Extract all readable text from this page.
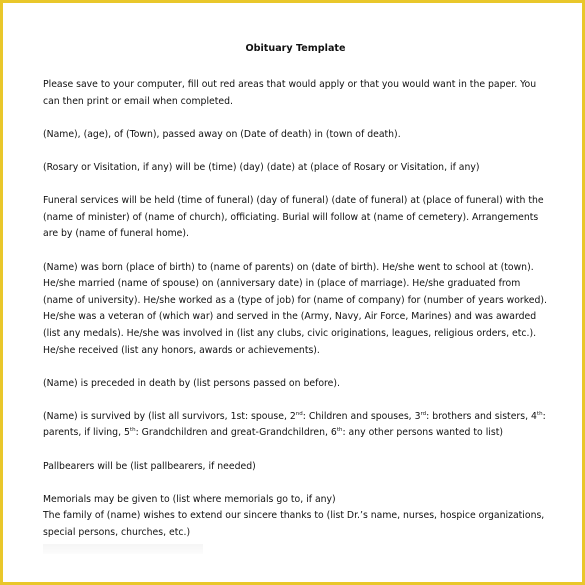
Obituary Template

Please save to your computer, fill out red areas that would apply or that you would want in the paper. You can then print or email when completed.

(Name), (age), of (Town), passed away on (Date of death) in (town of death).

(Rosary or Visitation, if any) will be (time) (day) (date) at (place of Rosary or Visitation, if any)

Funeral services will be held (time of funeral) (day of funeral) (date of funeral) at (place of funeral) with the (name of minister) of (name of church), officiating. Burial will follow at (name of cemetery). Arrangements are by (name of funeral home).

(Name) was born (place of birth) to (name of parents) on (date of birth). He/she went to school at (town). He/she married (name of spouse) on (anniversary date) in (place of marriage). He/she graduated from (name of university). He/she worked as a (type of job) for (name of company) for (number of years worked). He/she was a veteran of (which war) and served in the (Army, Navy, Air Force, Marines) and was awarded (list any medals). He/she was involved in (list any clubs, civic originations, leagues, religious orders, etc.). He/she received (list any honors, awards or achievements).

(Name) is preceded in death by (list persons passed on before).

(Name) is survived by (list all survivors, 1st: spouse, 2nd: Children and spouses, 3rd: brothers and sisters, 4th: parents, if living, 5th: Grandchildren and great-Grandchildren, 6th: any other persons wanted to list)

Pallbearers will be (list pallbearers, if needed)

Memorials may be given to (list where memorials go to, if any)

The family of (name) wishes to extend our sincere thanks to (list Dr.’s name, nurses, hospice organizations, special persons, churches, etc.)
